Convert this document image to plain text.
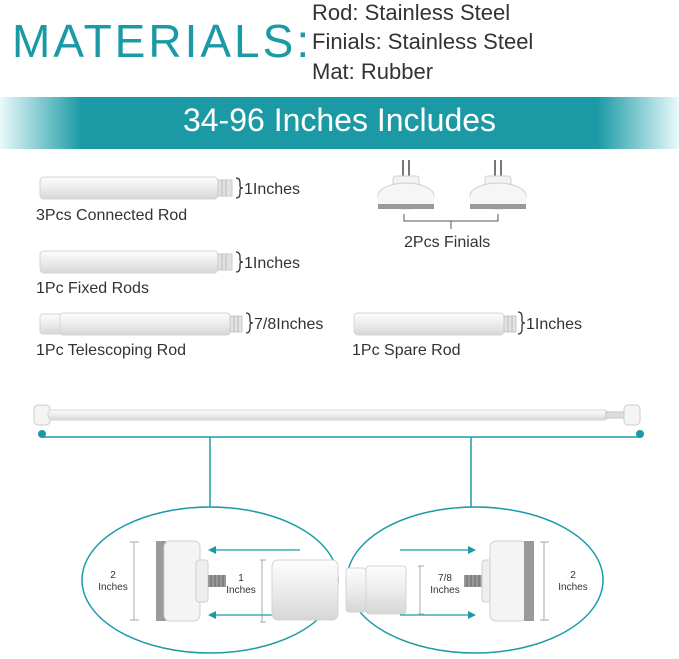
MATERIALS:
Rod: Stainless Steel
Finials: Stainless Steel
Mat: Rubber
34-96 Inches Includes
1Inches
3Pcs Connected Rod
1Inches
1Pc Fixed Rods
7/8Inches
1Pc Telescoping Rod
1Inches
1Pc Spare Rod
2Pcs Finials
2
Inches
1
Inches
7/8
Inches
2
Inches
